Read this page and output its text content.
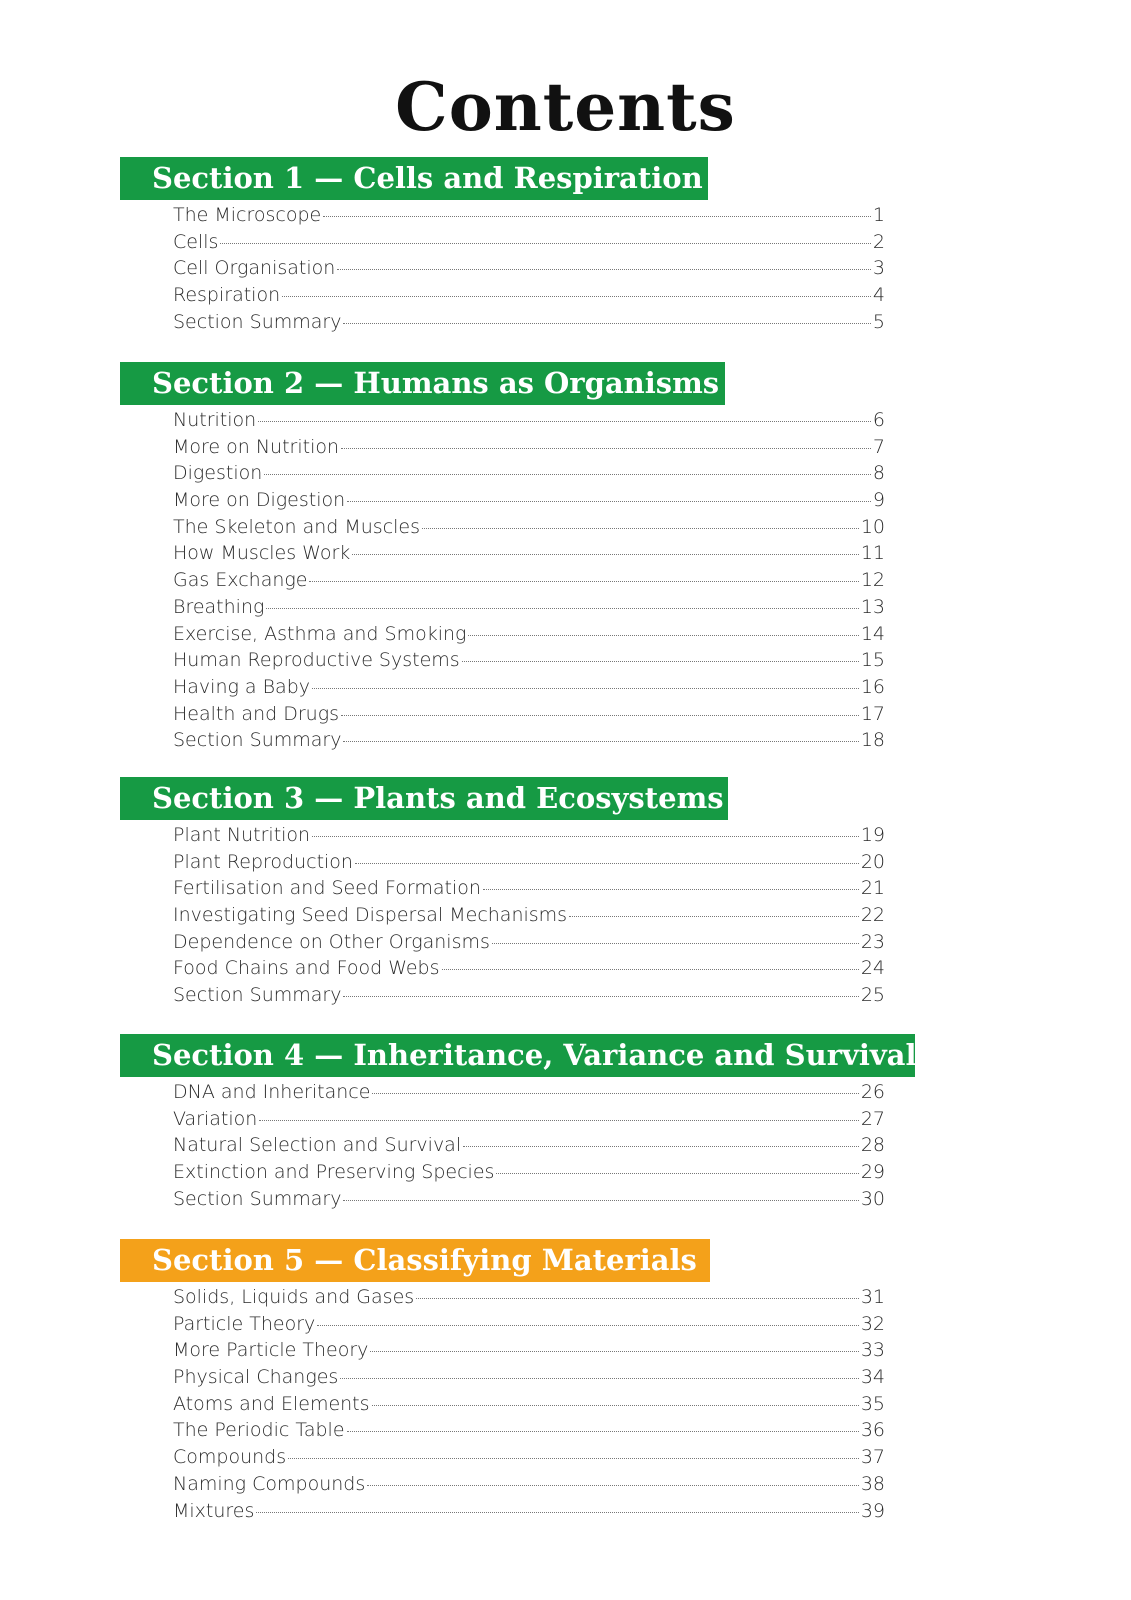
Contents
Section 1 — Cells and Respiration
The Microscope	1
Cells	2
Cell Organisation	3
Respiration	4
Section Summary	5
Section 2 — Humans as Organisms
Nutrition	6
More on Nutrition	7
Digestion	8
More on Digestion	9
The Skeleton and Muscles	10
How Muscles Work	11
Gas Exchange	12
Breathing	13
Exercise, Asthma and Smoking	14
Human Reproductive Systems	15
Having a Baby	16
Health and Drugs	17
Section Summary	18
Section 3 — Plants and Ecosystems
Plant Nutrition	19
Plant Reproduction	20
Fertilisation and Seed Formation	21
Investigating Seed Dispersal Mechanisms	22
Dependence on Other Organisms	23
Food Chains and Food Webs	24
Section Summary	25
Section 4 — Inheritance, Variance and Survival
DNA and Inheritance	26
Variation	27
Natural Selection and Survival	28
Extinction and Preserving Species	29
Section Summary	30
Section 5 — Classifying Materials
Solids, Liquids and Gases	31
Particle Theory	32
More Particle Theory	33
Physical Changes	34
Atoms and Elements	35
The Periodic Table	36
Compounds	37
Naming Compounds	38
Mixtures	39
